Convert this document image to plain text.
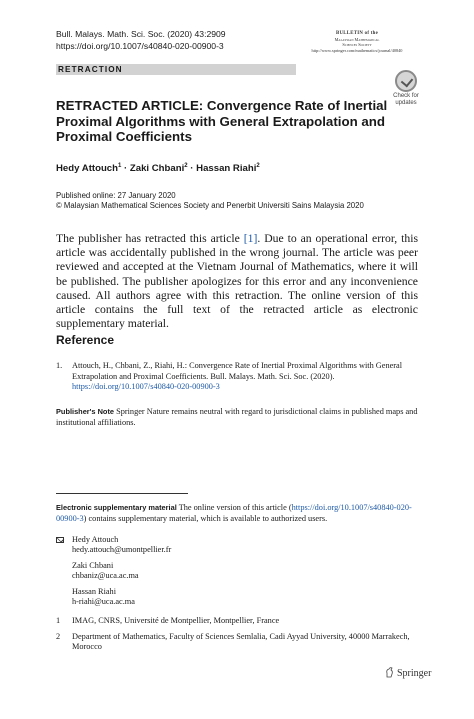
Bull. Malays. Math. Sci. Soc. (2020) 43:2909
https://doi.org/10.1007/s40840-020-00900-3
BULLETIN of the
Malaysian Mathematical
Sciences Society
http://www.springer.com/mathematics/journal/40840
RETRACTION
Check for
updates
RETRACTED ARTICLE: Convergence Rate of Inertial Proximal Algorithms with General Extrapolation and Proximal Coefficients
Hedy Attouch$^1$ · Zaki Chbani$^2$ · Hassan Riahi$^2$
Published online: 27 January 2020
© Malaysian Mathematical Sciences Society and Penerbit Universiti Sains Malaysia 2020
The publisher has retracted this article [1]. Due to an operational error, this article was accidentally published in the wrong journal. The article was peer reviewed and accepted at the Vietnam Journal of Mathematics, where it will be published. The publisher apologizes for this error and any inconvenience caused. All authors agree with this retraction. The online version of this article contains the full text of the retracted article as electronic supplementary material.
Reference
1. Attouch, H., Chbani, Z., Riahi, H.: Convergence Rate of Inertial Proximal Algorithms with General Extrapolation and Proximal Coefficients. Bull. Malays. Math. Sci. Soc. (2020). https://doi.org/10.1007/s40840-020-00900-3
Publisher's Note Springer Nature remains neutral with regard to jurisdictional claims in published maps and institutional affiliations.
Electronic supplementary material The online version of this article (https://doi.org/10.1007/s40840-020-00900-3) contains supplementary material, which is available to authorized users.
Hedy Attouch
hedy.attouch@umontpellier.fr
Zaki Chbani
chbaniz@uca.ac.ma
Hassan Riahi
h-riahi@uca.ac.ma
1 IMAG, CNRS, Université de Montpellier, Montpellier, France
2 Department of Mathematics, Faculty of Sciences Semlalia, Cadi Ayyad University, 40000 Marrakech, Morocco
Springer
